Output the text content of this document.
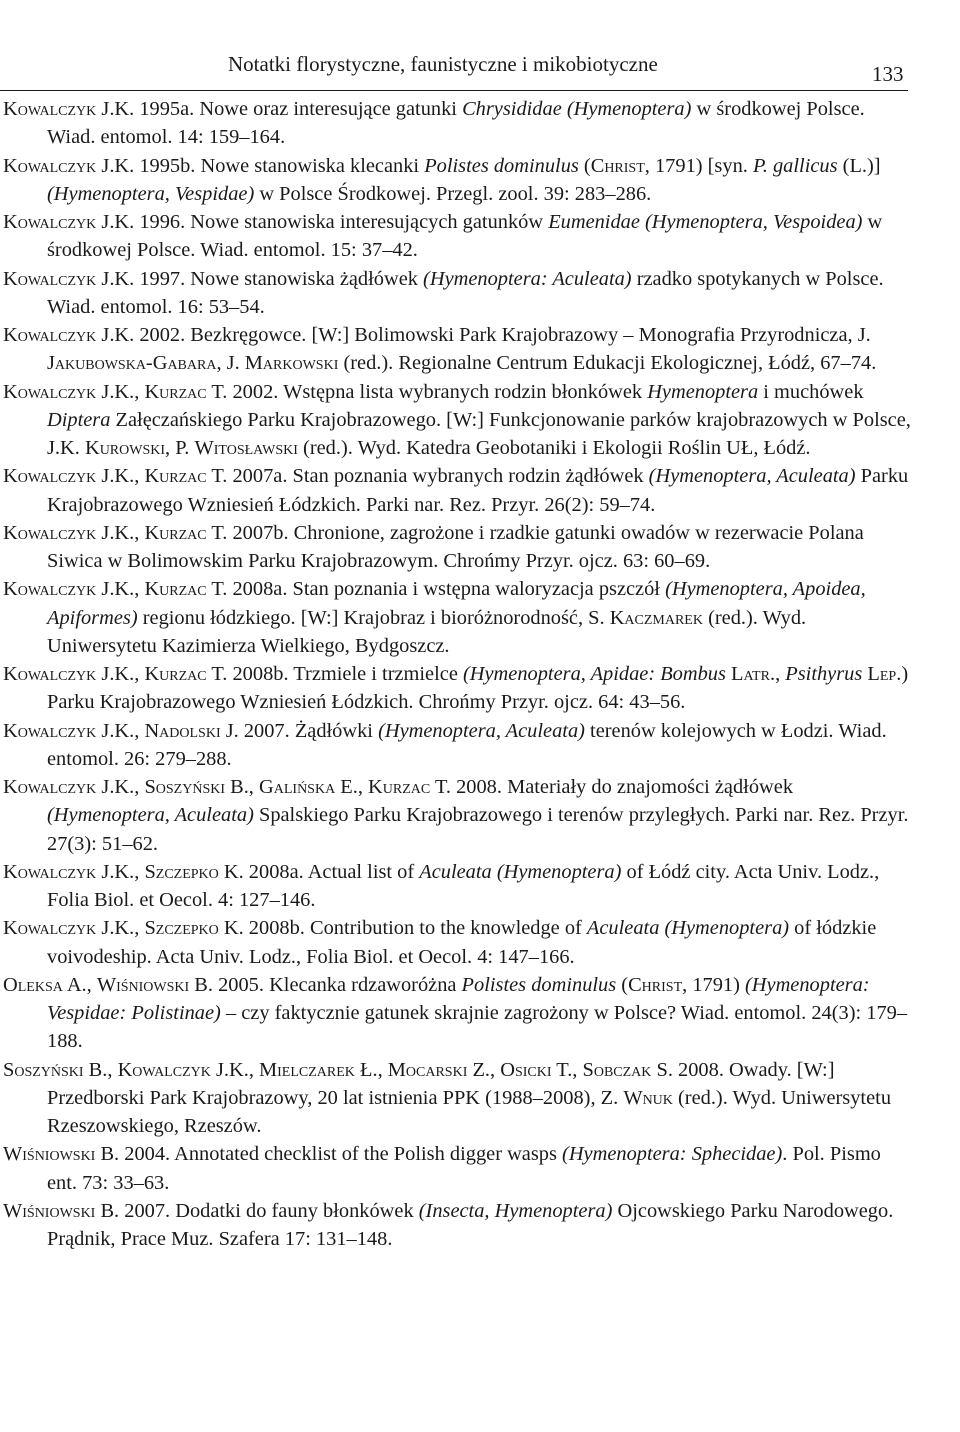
Notatki florystyczne, faunistyczne i mikobiotyczne	133
Kowalczyk J.K. 1995a. Nowe oraz interesujące gatunki Chrysididae (Hymenoptera) w środkowej Polsce. Wiad. entomol. 14: 159–164.
Kowalczyk J.K. 1995b. Nowe stanowiska klecanki Polistes dominulus (Christ, 1791) [syn. P. gallicus (L.)] (Hymenoptera, Vespidae) w Polsce Środkowej. Przegl. zool. 39: 283–286.
Kowalczyk J.K. 1996. Nowe stanowiska interesujących gatunków Eumenidae (Hymenoptera, Vespoidea) w środkowej Polsce. Wiad. entomol. 15: 37–42.
Kowalczyk J.K. 1997. Nowe stanowiska żądłówek (Hymenoptera: Aculeata) rzadko spotykanych w Polsce. Wiad. entomol. 16: 53–54.
Kowalczyk J.K. 2002. Bezkręgowce. [W:] Bolimowski Park Krajobrazowy – Monografia Przyrodnicza, J. Jakubowska-Gabara, J. Markowski (red.). Regionalne Centrum Edukacji Ekologicznej, Łódź, 67–74.
Kowalczyk J.K., Kurzac T. 2002. Wstępna lista wybranych rodzin błonkówek Hymenoptera i muchówek Diptera Załęczańskiego Parku Krajobrazowego. [W:] Funkcjonowanie parków krajobrazowych w Polsce, J.K. Kurowski, P. Witosławski (red.). Wyd. Katedra Geobotaniki i Ekologii Roślin UŁ, Łódź.
Kowalczyk J.K., Kurzac T. 2007a. Stan poznania wybranych rodzin żądłówek (Hymenoptera, Aculeata) Parku Krajobrazowego Wzniesień Łódzkich. Parki nar. Rez. Przyr. 26(2): 59–74.
Kowalczyk J.K., Kurzac T. 2007b. Chronione, zagrożone i rzadkie gatunki owadów w rezerwacie Polana Siwica w Bolimowskim Parku Krajobrazowym. Chrońmy Przyr. ojcz. 63: 60–69.
Kowalczyk J.K., Kurzac T. 2008a. Stan poznania i wstępna waloryzacja pszczół (Hymenoptera, Apoidea, Apiformes) regionu łódzkiego. [W:] Krajobraz i bioróżnorodność, S. Kaczmarek (red.). Wyd. Uniwersytetu Kazimierza Wielkiego, Bydgoszcz.
Kowalczyk J.K., Kurzac T. 2008b. Trzmiele i trzmielce (Hymenoptera, Apidae: Bombus Latr., Psithyrus Lep.) Parku Krajobrazowego Wzniesień Łódzkich. Chrońmy Przyr. ojcz. 64: 43–56.
Kowalczyk J.K., Nadolski J. 2007. Żądłówki (Hymenoptera, Aculeata) terenów kolejowych w Łodzi. Wiad. entomol. 26: 279–288.
Kowalczyk J.K., Soszyński B., Galińska E., Kurzac T. 2008. Materiały do znajomości żądłówek (Hymenoptera, Aculeata) Spalskiego Parku Krajobrazowego i terenów przyległych. Parki nar. Rez. Przyr. 27(3): 51–62.
Kowalczyk J.K., Szczepko K. 2008a. Actual list of Aculeata (Hymenoptera) of Łódź city. Acta Univ. Lodz., Folia Biol. et Oecol. 4: 127–146.
Kowalczyk J.K., Szczepko K. 2008b. Contribution to the knowledge of Aculeata (Hymenoptera) of łódzkie voivodeship. Acta Univ. Lodz., Folia Biol. et Oecol. 4: 147–166.
Oleksa A., Wiśniowski B. 2005. Klecanka rdzaworóżna Polistes dominulus (Christ, 1791) (Hymenoptera: Vespidae: Polistinae) – czy faktycznie gatunek skrajnie zagrożony w Polsce? Wiad. entomol. 24(3): 179–188.
Soszyński B., Kowalczyk J.K., Mielczarek Ł., Mocarski Z., Osicki T., Sobczak S. 2008. Owady. [W:] Przedborski Park Krajobrazowy, 20 lat istnienia PPK (1988–2008), Z. Wnuk (red.). Wyd. Uniwersytetu Rzeszowskiego, Rzeszów.
Wiśniowski B. 2004. Annotated checklist of the Polish digger wasps (Hymenoptera: Sphecidae). Pol. Pismo ent. 73: 33–63.
Wiśniowski B. 2007. Dodatki do fauny błonkówek (Insecta, Hymenoptera) Ojcowskiego Parku Narodowego. Prądnik, Prace Muz. Szafera 17: 131–148.
